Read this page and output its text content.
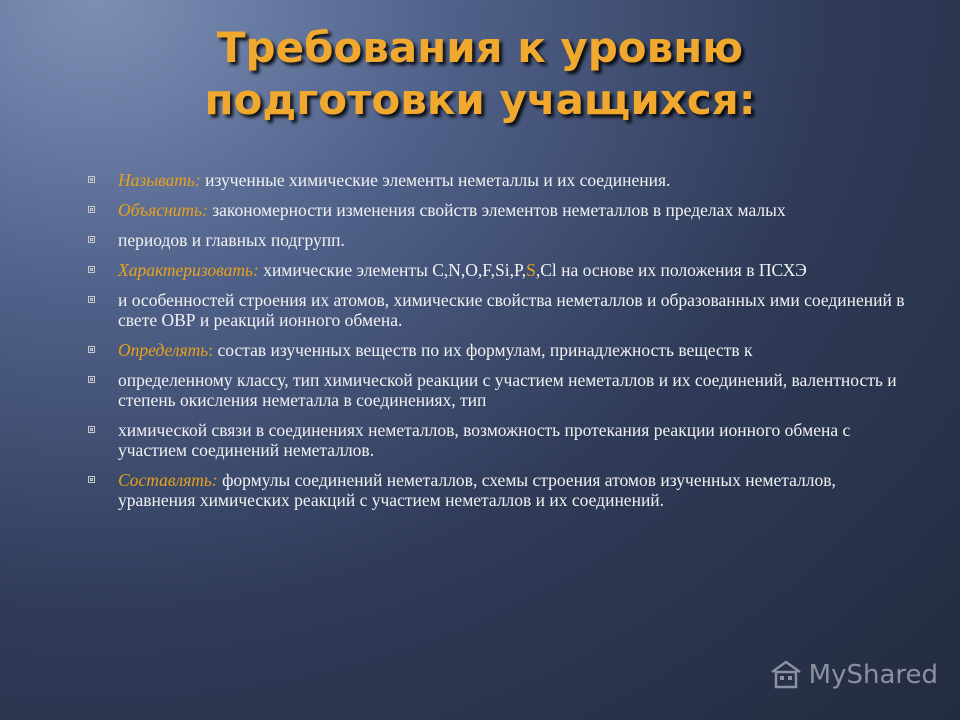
Требования к уровню
подготовки учащихся:
Называть: изученные химические элементы неметаллы и их соединения.
Объяснить: закономерности изменения свойств элементов неметаллов в пределах малых
периодов и главных подгрупп.
Характеризовать: химические элементы C,N,O,F,Si,P,S,Cl на основе их положения в ПСХЭ
и особенностей строения их атомов, химические свойства неметаллов и образованных ими соединений в свете ОВР и реакций ионного обмена.
Определять: состав изученных веществ по их формулам, принадлежность веществ к
определенному классу, тип химической реакции с участием неметаллов и их соединений, валентность и степень окисления неметалла в соединениях, тип
химической связи в соединениях неметаллов, возможность протекания реакции ионного обмена с участием соединений неметаллов.
Составлять: формулы соединений неметаллов, схемы строения атомов изученных неметаллов, уравнения химических реакций с участием неметаллов и их соединений.
MyShared
